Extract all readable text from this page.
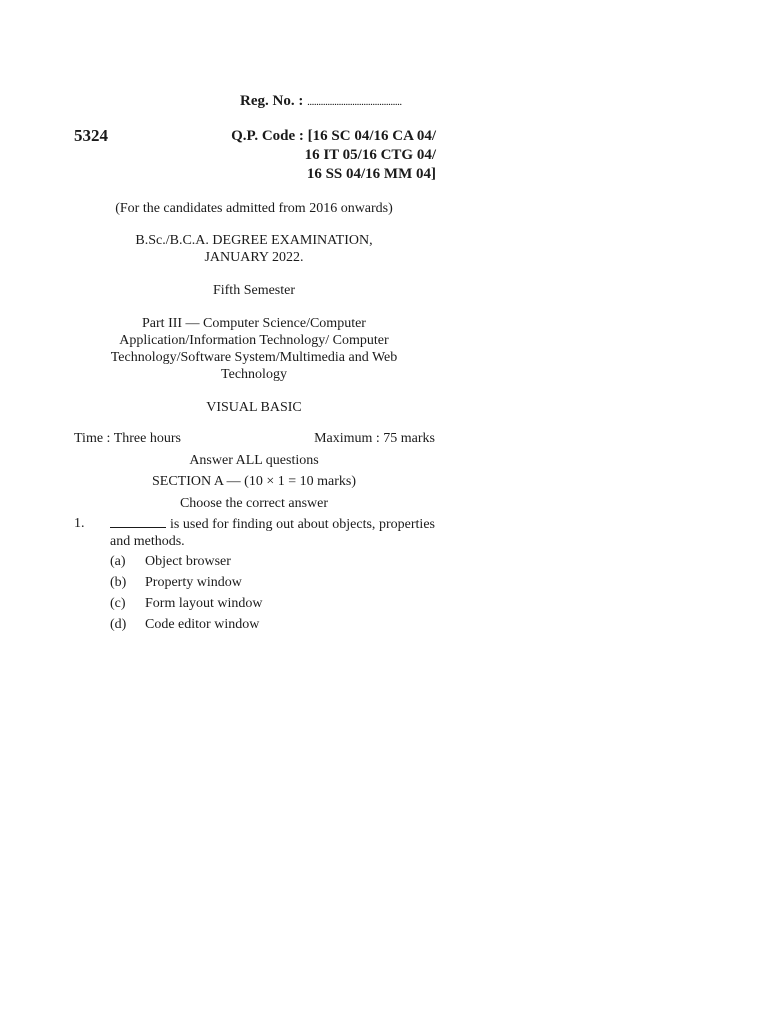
Reg. No. : ..........................................
5324	Q.P. Code : [16 SC 04/16 CA 04/
16 IT 05/16 CTG 04/
16 SS 04/16 MM 04]
(For the candidates admitted from 2016 onwards)
B.Sc./B.C.A. DEGREE EXAMINATION,
JANUARY 2022.
Fifth Semester
Part III — Computer Science/Computer
Application/Information Technology/ Computer
Technology/Software System/Multimedia and Web
Technology
VISUAL BASIC
Time : Three hours	Maximum : 75 marks
Answer ALL questions
SECTION A — (10 × 1 = 10 marks)
Choose the correct answer
1.	is used for finding out about objects, properties and methods.
(a) Object browser
(b) Property window
(c) Form layout window
(d) Code editor window
